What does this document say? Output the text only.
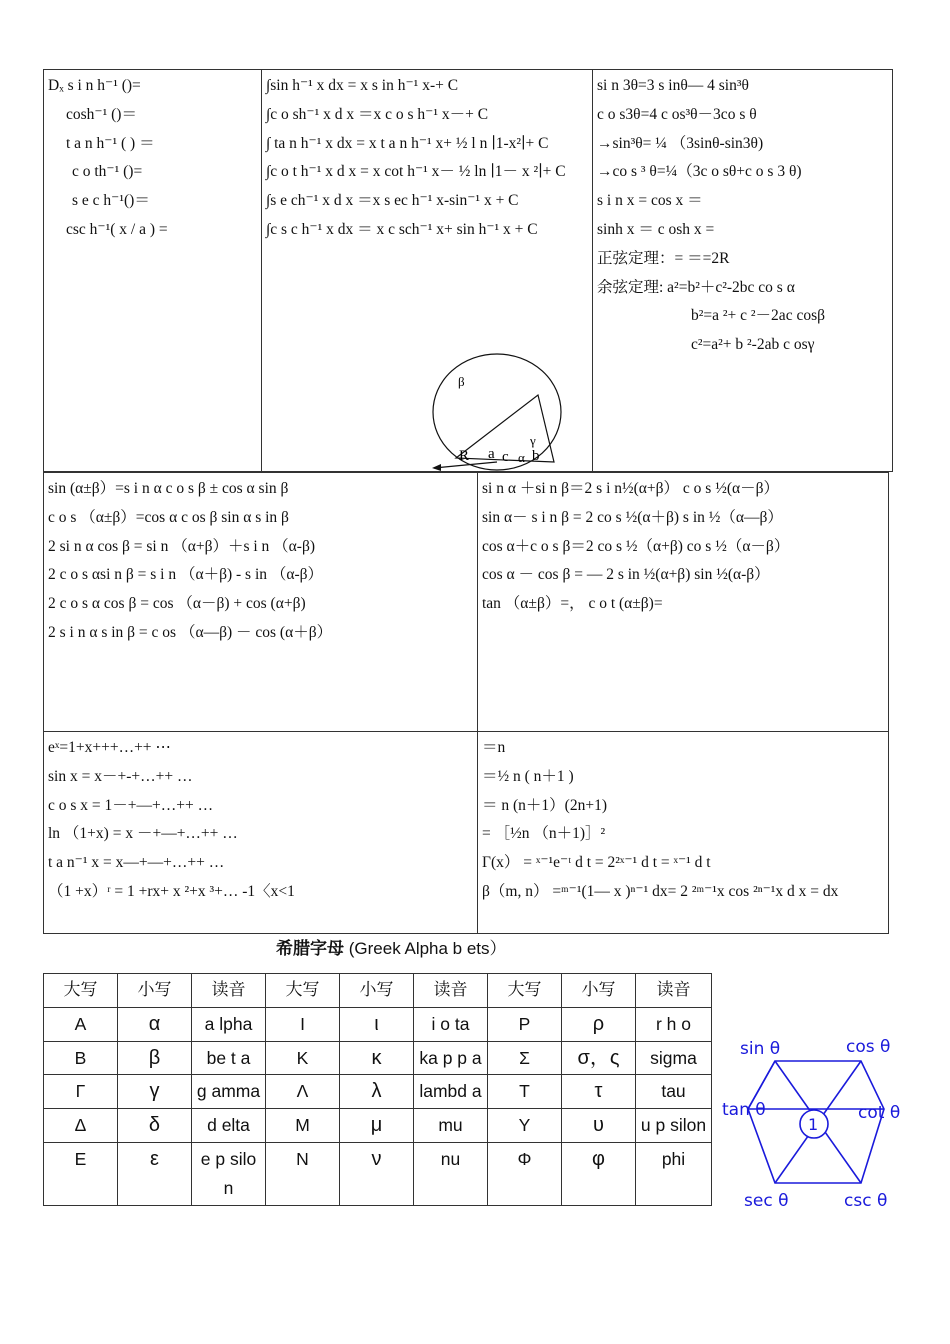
Dₓ s i n h⁻¹ ()=
cosh⁻¹ ()＝
t a n h⁻¹ ( ) ＝
c o th⁻¹ ()=
s e c h⁻¹()＝
csc h⁻¹( x / a ) =
∫sin h⁻¹ x dx = x s in h⁻¹ x-+ C
∫c o sh⁻¹ x d x ＝x c o s h⁻¹ x－+ C
∫ ta n h⁻¹ x dx = x t a n h⁻¹ x+ ½ l n ∣1-x²∣+ C
∫c o t h⁻¹ x d x = x cot h⁻¹ x－ ½ ln ∣1－ x ²∣+ C
∫s e ch⁻¹ x d x ＝x s ec h⁻¹ x-sin⁻¹ x + C
∫c s c h⁻¹ x dx ＝ x c sch⁻¹ x+ sin h⁻¹ x + C
si n 3θ=3 s inθ— 4 sin³θ
c o s3θ=4 c os³θ－3co s θ
→sin³θ= ¼ （3sinθ-sin3θ)
→co s ³ θ=¼（3c o sθ+c o s 3 θ)
s i n x = cos x ＝
sinh x ＝ c osh x =
正弦定理：= ＝=2R
余弦定理: a²=b²＋c²-2bc co s α
b²=a ²+ c ²－2ac cosβ
c²=a²+ b ²-2ab c osγ
β
γ
R a c α b
sin (α±β）=s i n α c o s β ± cos α sin β
c o s （α±β）=cos α c os β sin α s in β
2 si n α cos β = si n （α+β）＋s i n （α-β)
2 c o s αsi n β = s i n （α＋β) - s in （α-β）
2 c o s α cos β = cos （α－β) + cos (α+β)
2 s i n α s in β = c os （α—β) － cos (α＋β）
si n α ＋si n β＝2 s i n½(α+β） c o s ½(α－β）
sin α－ s i n β = 2 co s ½(α＋β) s in ½（α—β）
cos α＋c o s β＝2 co s ½（α+β) co s ½（α－β）
cos α － cos β = — 2 s in ½(α+β) sin ½(α-β）
tan （α±β）=， c o t (α±β)=
eˣ=1+x+++…++ ⋯
sin x = x－+-+…++ …
c o s x = 1－+—+…++ …
ln （1+x) = x －+—+…++ …
t a n⁻¹ x = x—+—+…++ …
（1 +x）ʳ = 1 +rx+ x ²+x ³+… -1〈x<1
＝n
＝½ n ( n＋1 )
＝ n (n＋1）(2n+1)
= ［½n （n＋1)］²
Γ(x） = ˣ⁻¹e⁻ᵗ d t = 2²ˣ⁻¹ d t = ˣ⁻¹ d t
β（m, n） =ᵐ⁻¹(1— x )ⁿ⁻¹ dx= 2 ²ᵐ⁻¹x cos ²ⁿ⁻¹x d x = dx
希腊字母 (Greek Alpha b ets）
大写	小写	读音	大写	小写	读音	大写	小写	读音
Α	α	a lpha	Ι	ι	i o ta	Ρ	ρ	r h o
Β	β	be t a	Κ	κ	ka p p a	Σ	σ，ς	sigma
Γ	γ	g amma	Λ	λ	lambd a	Τ	τ	tau
Δ	δ	d elta	Μ	μ	mu	Υ	υ	u p silon
Ε	ε	e p silo n	Ν	ν	nu	Φ	φ	phi
1
sin θ	cos θ
tan θ	cot θ
sec θ	csc θ
